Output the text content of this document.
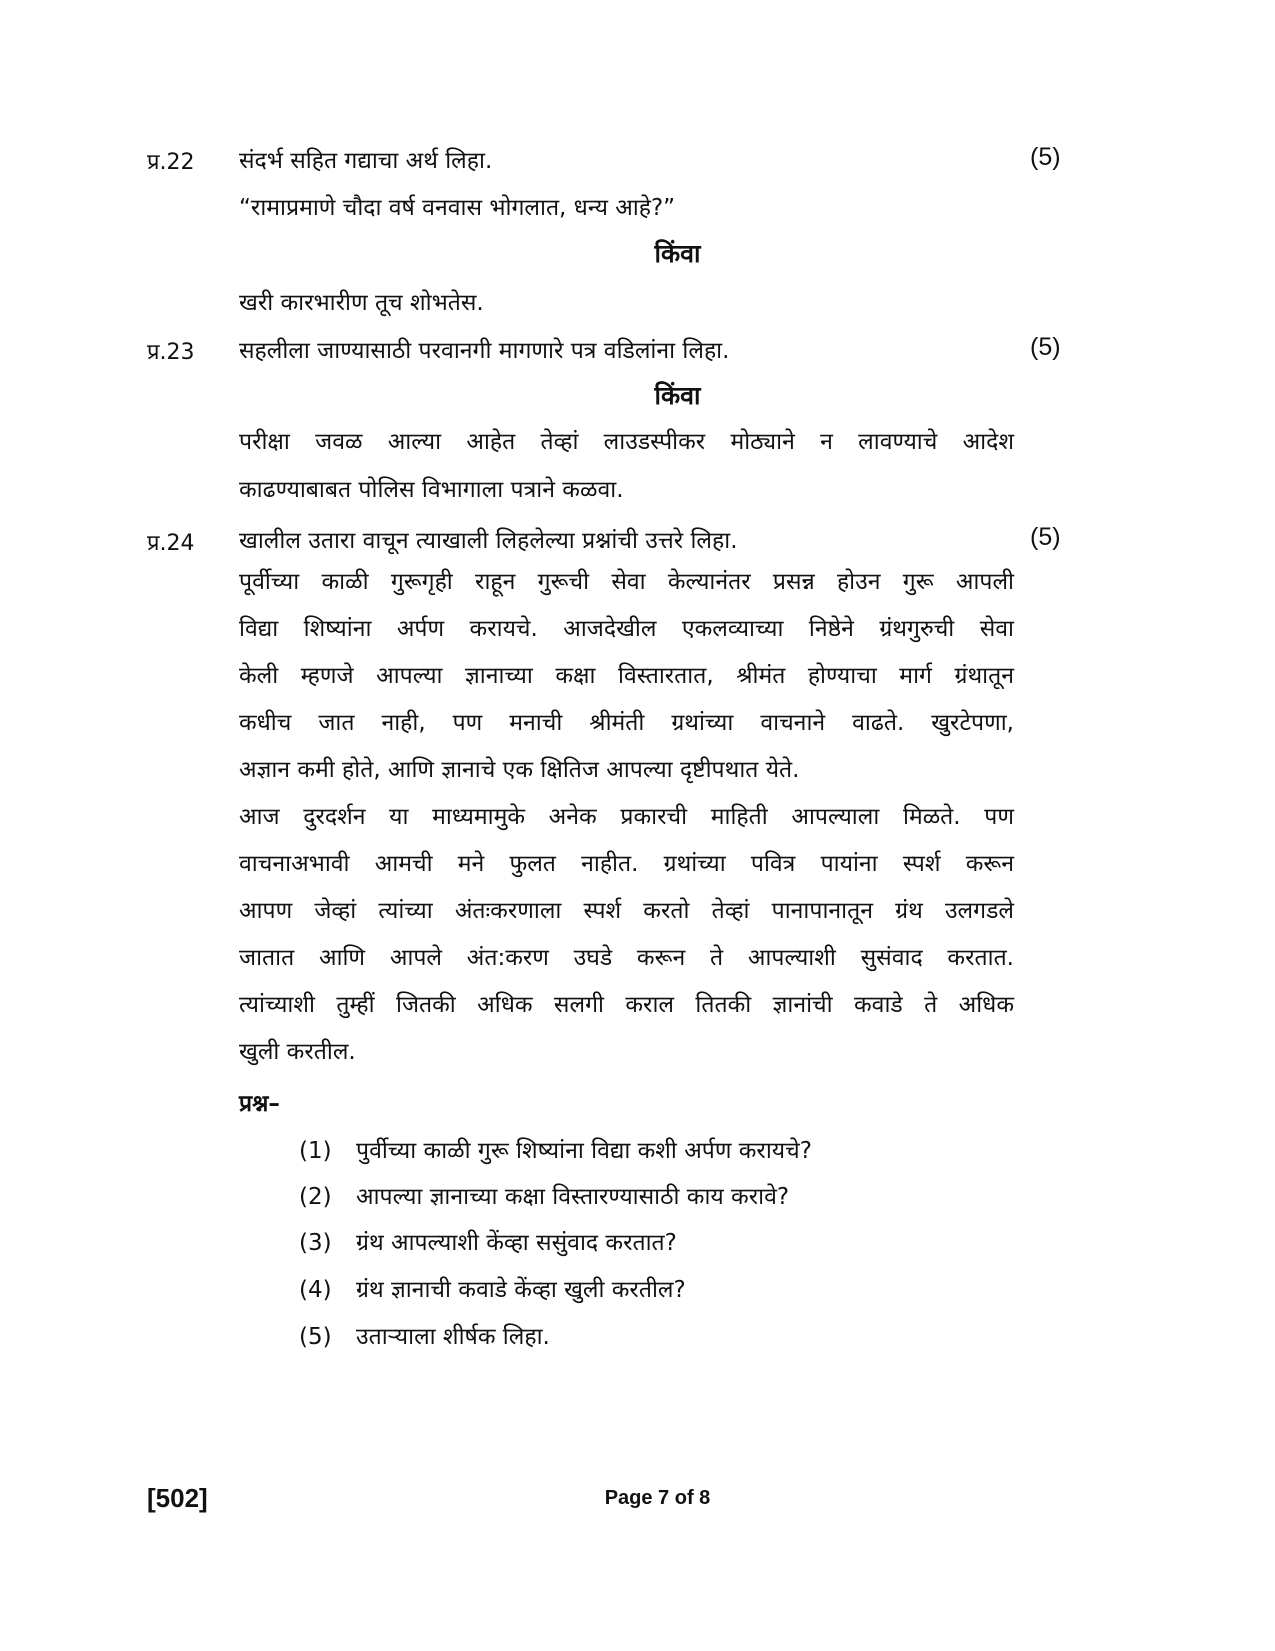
प्र.22 संदर्भ सहित गद्याचा अर्थ लिहा.	(5)
“रामाप्रमाणे चौदा वर्ष वनवास भोगलात, धन्य आहे?”
किंवा
खरी कारभारीण तूच शोभतेस.
प्र.23 सहलीला जाण्यासाठी परवानगी मागणारे पत्र वडिलांना लिहा.	(5)
किंवा
परीक्षा जवळ आल्या आहेत तेव्हां लाउडस्पीकर मोठ्याने न लावण्याचे आदेश
काढण्याबाबत पोलिस विभागाला पत्राने कळवा.
प्र.24 खालील उतारा वाचून त्याखाली लिहलेल्या प्रश्नांची उत्तरे लिहा.	(5)
पूर्वीच्या काळी गुरूगृही राहून गुरूची सेवा केल्यानंतर प्रसन्न होउन गुरू आपली
विद्या शिष्यांना अर्पण करायचे. आजदेखील एकलव्याच्या निष्ठेने ग्रंथगुरुची सेवा
केली म्हणजे आपल्या ज्ञानाच्या कक्षा विस्तारतात, श्रीमंत होण्याचा मार्ग ग्रंथातून
कधीच जात नाही, पण मनाची श्रीमंती ग्रथांच्या वाचनाने वाढते. खुरटेपणा,
अज्ञान कमी होते, आणि ज्ञानाचे एक क्षितिज आपल्या दृष्टीपथात येते.
आज दुरदर्शन या माध्यमामुके अनेक प्रकारची माहिती आपल्याला मिळते. पण
वाचनाअभावी आमची मने फुलत नाहीत. ग्रथांच्या पवित्र पायांना स्पर्श करून
आपण जेव्हां त्यांच्या अंतःकरणाला स्पर्श करतो तेव्हां पानापानातून ग्रंथ उलगडले
जातात आणि आपले अंत:करण उघडे करून ते आपल्याशी सुसंवाद करतात.
त्यांच्याशी तुम्हीं जितकी अधिक सलगी कराल तितकी ज्ञानांची कवाडे ते अधिक
खुली करतील.
प्रश्न–
(1) पुर्वीच्या काळी गुरू शिष्यांना विद्या कशी अर्पण करायचे?
(2) आपल्या ज्ञानाच्या कक्षा विस्तारण्यासाठी काय करावे?
(3) ग्रंथ आपल्याशी केंव्हा ससुंवाद करतात?
(4) ग्रंथ ज्ञानाची कवाडे केंव्हा खुली करतील?
(5) उताऱ्याला शीर्षक लिहा.
[502]	Page 7 of 8
